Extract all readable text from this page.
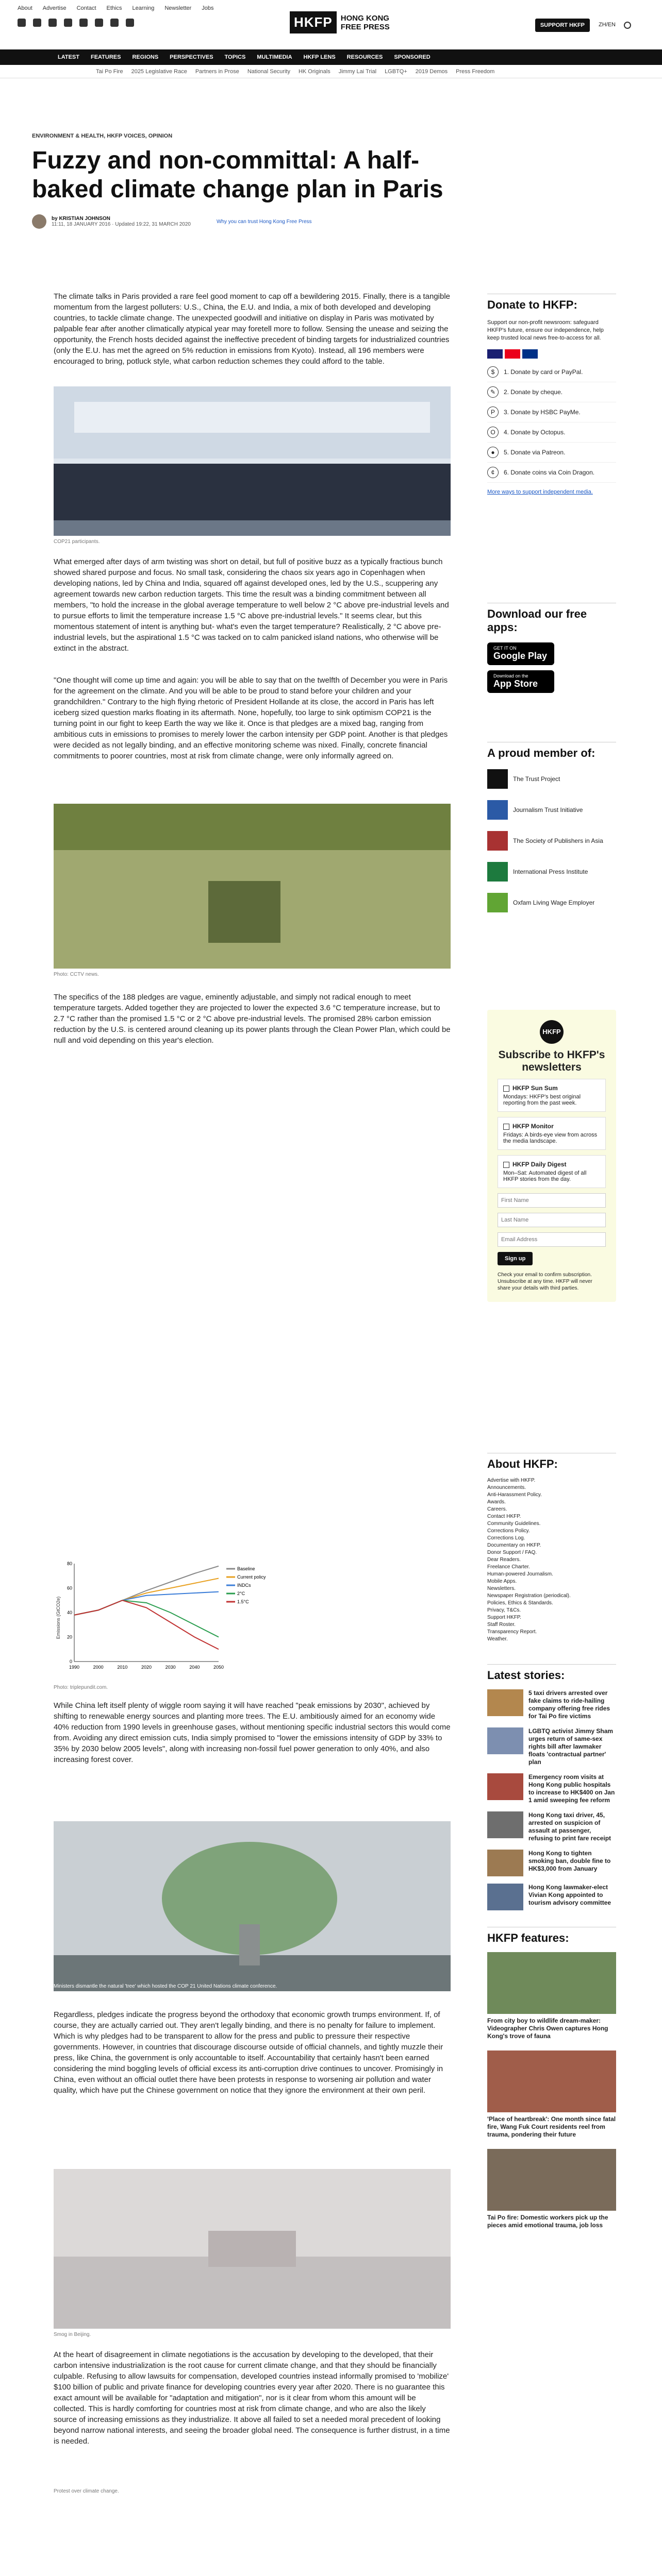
About Advertise Contact Ethics Learning Newsletter Jobs
HKFP	HONG KONG
FREE PRESS	SUPPORT HKFP	ZH/EN
LATEST FEATURES REGIONS PERSPECTIVES TOPICS MULTIMEDIA HKFP LENS RESOURCES SPONSORED
Tai Po Fire 2025 Legislative Race Partners in Prose National Security HK Originals Jimmy Lai Trial LGBTQ+ 2019 Demos Press Freedom
ENVIRONMENT & HEALTH, HKFP VOICES, OPINION
Fuzzy and non-committal: A half-baked climate change plan in Paris
by KRISTIAN JOHNSON
11:11, 18 JANUARY 2016 · Updated 19:22, 31 MARCH 2020	Why you can trust Hong Kong Free Press

The climate talks in Paris provided a rare feel good moment to cap off a bewildering 2015. Finally, there is a tangible momentum from the largest polluters: U.S., China, the E.U. and India, a mix of both developed and developing countries, to tackle climate change. The unexpected goodwill and initiative on display in Paris was motivated by palpable fear after another climatically atypical year may foretell more to follow. Sensing the unease and seizing the opportunity, the French hosts decided against the ineffective precedent of binding targets for industrialized countries (only the E.U. has met the agreed on 5% reduction in emissions from Kyoto). Instead, all 196 members were encouraged to bring, potluck style, what carbon reduction schemes they could afford to the table.

COP21 participants.

What emerged after days of arm twisting was short on detail, but full of positive buzz as a typically fractious bunch showed shared purpose and focus. No small task, considering the chaos six years ago in Copenhagen when developing nations, led by China and India, squared off against developed ones, led by the U.S., scuppering any agreement towards new carbon reduction targets. This time the result was a binding commitment between all members, "to hold the increase in the global average temperature to well below 2 °C above pre-industrial levels and to pursue efforts to limit the temperature increase 1.5 °C above pre-industrial levels." It seems clear, but this momentous statement of intent is anything but- what's even the target temperature? Realistically, 2 °C above pre-industrial levels, but the aspirational 1.5 °C was tacked on to calm panicked island nations, who otherwise will be extinct in the abstract.

"One thought will come up time and again: you will be able to say that on the twelfth of December you were in Paris for the agreement on the climate. And you will be able to be proud to stand before your children and your grandchildren." Contrary to the high flying rhetoric of President Hollande at its close, the accord in Paris has left iceberg sized question marks floating in its aftermath. None, hopefully, too large to sink optimism COP21 is the turning point in our fight to keep Earth the way we like it. Once is that pledges are a mixed bag, ranging from ambitious cuts in emissions to promises to merely lower the carbon intensity per GDP point. Another is that pledges were decided as not legally binding, and an effective monitoring scheme was nixed. Finally, concrete financial commitments to poorer countries, most at risk from climate change, were only informally agreed on.

Photo: CCTV news.

The specifics of the 188 pledges are vague, eminently adjustable, and simply not radical enough to meet temperature targets. Added together they are projected to lower the expected 3.6 °C temperature increase, but to 2.7 °C rather than the promised 1.5 °C or 2 °C above pre-industrial levels. The promised 28% carbon emission reduction by the U.S. is centered around cleaning up its power plants through the Clean Power Plan, which could be null and void depending on this year's election.

Emissions (GtCO2e)
1990	2000	2010	2020	2030	2040	2050
0
20
40
60
80
Baseline
Current policy
INDCs
2°C
1.5°C
Photo: triplepundit.com.

While China left itself plenty of wiggle room saying it will have reached "peak emissions by 2030", achieved by shifting to renewable energy sources and planting more trees. The E.U. ambitiously aimed for an economy wide 40% reduction from 1990 levels in greenhouse gases, without mentioning specific industrial sectors this would come from. Avoiding any direct emission cuts, India simply promised to "lower the emissions intensity of GDP by 33% to 35% by 2030 below 2005 levels", along with increasing non-fossil fuel power generation to only 40%, and also increasing forest cover.

Ministers dismantle the natural 'tree' which hosted the COP 21 United Nations climate conference.

Regardless, pledges indicate the progress beyond the orthodoxy that economic growth trumps environment. If, of course, they are actually carried out. They aren't legally binding, and there is no penalty for failure to implement. Which is why pledges had to be transparent to allow for the press and public to pressure their respective governments. However, in countries that discourage discourse outside of official channels, and tightly muzzle their press, like China, the government is only accountable to itself. Accountability that certainly hasn't been earned considering the mind boggling levels of official excess its anti-corruption drive continues to uncover. Promisingly in China, even without an official outlet there have been protests in response to worsening air pollution and water quality, which have put the Chinese government on notice that they ignore the environment at their own peril.

Smog in Beijing.

At the heart of disagreement in climate negotiations is the accusation by developing to the developed, that their carbon intensive industrialization is the root cause for current climate change, and that they should be financially culpable. Refusing to allow lawsuits for compensation, developed countries instead informally promised to 'mobilize' $100 billion of public and private finance for developing countries every year after 2020. There is no guarantee this exact amount will be available for "adaptation and mitigation", nor is it clear from whom this amount will be collected. This is hardly comforting for countries most at risk from climate change, and who are also the likely source of increasing emissions as they industrialize. It above all failed to set a needed moral precedent of looking beyond narrow national interests, and seeing the broader global need. The consequence is further distrust, in a time is needed.

Protest over climate change.

Donate to HKFP:

Support our non-profit newsroom: safeguard HKFP's future, ensure our independence, help keep trusted local news free-to-access for all.

$	1. Donate by card or PayPal.
✎	2. Donate by cheque.
P	3. Donate by HSBC PayMe.
O	4. Donate by Octopus.
●	5. Donate via Patreon.
¢	6. Donate coins via Coin Dragon.
More ways to support independent media.
Download our free apps:
GET IT ON
Google Play
Download on the
App Store
A proud member of:
The Trust Project
Journalism Trust Initiative
The Society of Publishers in Asia
International Press Institute
Oxfam Living Wage Employer
HKFP
Subscribe to HKFP's newsletters
HKFP Sun Sum
Mondays: HKFP's best original reporting from the past week.
HKFP Monitor
Fridays: A birds-eye view from across the media landscape.
HKFP Daily Digest
Mon–Sat: Automated digest of all HKFP stories from the day.
First Name Last Name Email Address Sign up

Check your email to confirm subscription. Unsubscribe at any time. HKFP will never share your details with third parties.

About HKFP:
Advertise with HKFP.
Announcements.
Anti-Harassment Policy.
Awards.
Careers.
Contact HKFP.
Community Guidelines.
Corrections Policy.
Corrections Log.
Documentary on HKFP.
Donor Support / FAQ.
Dear Readers.
Freelance Charter.
Human-powered Journalism.
Mobile Apps.
Newsletters.
Newspaper Registration (periodical).
Policies, Ethics & Standards.
Privacy, T&Cs.
Support HKFP.
Staff Roster.
Transparency Report.
Weather.
Latest stories:
5 taxi drivers arrested over fake claims to ride-hailing company offering free rides for Tai Po fire victims
LGBTQ activist Jimmy Sham urges return of same-sex rights bill after lawmaker floats 'contractual partner' plan
Emergency room visits at Hong Kong public hospitals to increase to HK$400 on Jan 1 amid sweeping fee reform
Hong Kong taxi driver, 45, arrested on suspicion of assault at passenger, refusing to print fare receipt
Hong Kong to tighten smoking ban, double fine to HK$3,000 from January
Hong Kong lawmaker-elect Vivian Kong appointed to tourism advisory committee
HKFP features:
From city boy to wildlife dream-maker: Videographer Chris Owen captures Hong Kong's trove of fauna
'Place of heartbreak': One month since fatal fire, Wang Fuk Court residents reel from trauma, pondering their future
Tai Po fire: Domestic workers pick up the pieces amid emotional trauma, job loss
